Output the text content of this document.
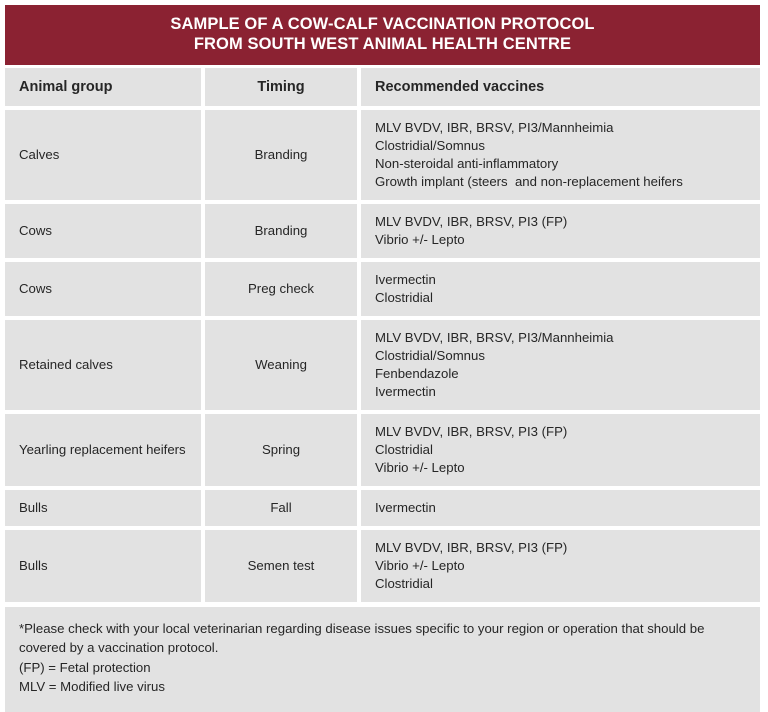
SAMPLE OF A COW-CALF VACCINATION PROTOCOL
FROM SOUTH WEST ANIMAL HEALTH CENTRE
Animal group	Timing	Recommended vaccines
Calves	Branding	MLV BVDV, IBR, BRSV, PI3/Mannheimia
Clostridial/Somnus
Non-steroidal anti-inflammatory
Growth implant (steers  and non-replacement heifers

Cows	Branding	MLV BVDV, IBR, BRSV, PI3 (FP)
Vibrio +/- Lepto

Cows	Preg check	Ivermectin
Clostridial

Retained calves	Weaning	MLV BVDV, IBR, BRSV, PI3/Mannheimia
Clostridial/Somnus
Fenbendazole
Ivermectin

Yearling replacement heifers	Spring	MLV BVDV, IBR, BRSV, PI3 (FP)
Clostridial
Vibrio +/- Lepto

Bulls	Fall	Ivermectin

Bulls	Semen test	MLV BVDV, IBR, BRSV, PI3 (FP)
Vibrio +/- Lepto
Clostridial

*Please check with your local veterinarian regarding disease issues specific to your region or operation that should be covered by a vaccination protocol.

(FP) = Fetal protection

MLV = Modified live virus
